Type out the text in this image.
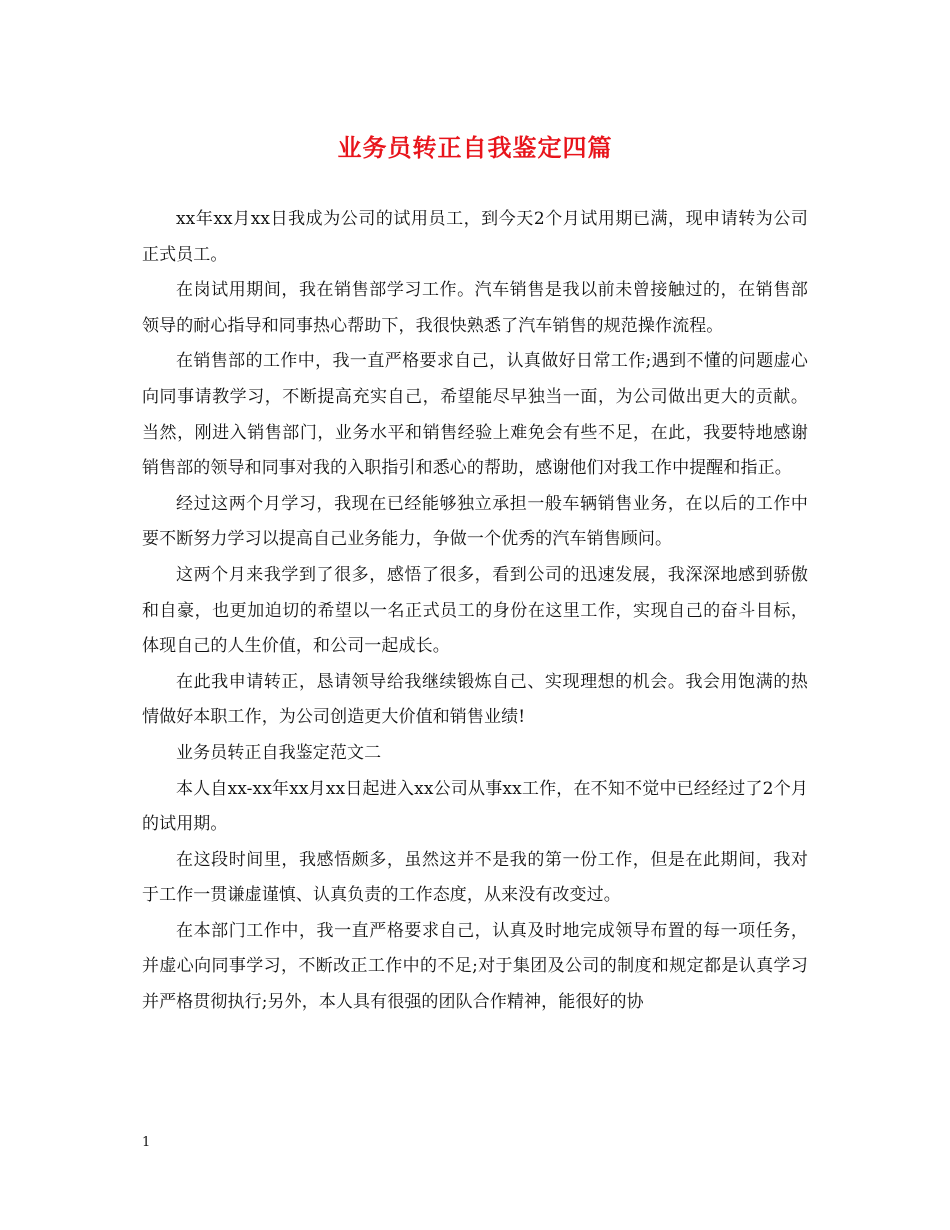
业务员转正自我鉴定四篇

xx年xx月xx日我成为公司的试用员工，到今天2个月试用期已满，现申请转为公司正式员工。

在岗试用期间，我在销售部学习工作。汽车销售是我以前未曾接触过的，在销售部领导的耐心指导和同事热心帮助下，我很快熟悉了汽车销售的规范操作流程。

在销售部的工作中，我一直严格要求自己，认真做好日常工作;遇到不懂的问题虚心向同事请教学习，不断提高充实自己，希望能尽早独当一面，为公司做出更大的贡献。当然，刚进入销售部门，业务水平和销售经验上难免会有些不足，在此，我要特地感谢销售部的领导和同事对我的入职指引和悉心的帮助，感谢他们对我工作中提醒和指正。

经过这两个月学习，我现在已经能够独立承担一般车辆销售业务，在以后的工作中要不断努力学习以提高自己业务能力，争做一个优秀的汽车销售顾问。

这两个月来我学到了很多，感悟了很多，看到公司的迅速发展，我深深地感到骄傲和自豪，也更加迫切的希望以一名正式员工的身份在这里工作，实现自己的奋斗目标，体现自己的人生价值，和公司一起成长。

在此我申请转正，恳请领导给我继续锻炼自己、实现理想的机会。我会用饱满的热情做好本职工作，为公司创造更大价值和销售业绩!

业务员转正自我鉴定范文二

本人自xx-xx年xx月xx日起进入xx公司从事xx工作，在不知不觉中已经经过了2个月的试用期。

在这段时间里，我感悟颇多，虽然这并不是我的第一份工作，但是在此期间，我对于工作一贯谦虚谨慎、认真负责的工作态度，从来没有改变过。

在本部门工作中，我一直严格要求自己，认真及时地完成领导布置的每一项任务，并虚心向同事学习，不断改正工作中的不足;对于集团及公司的制度和规定都是认真学习并严格贯彻执行;另外，本人具有很强的团队合作精神，能很好的协

1
